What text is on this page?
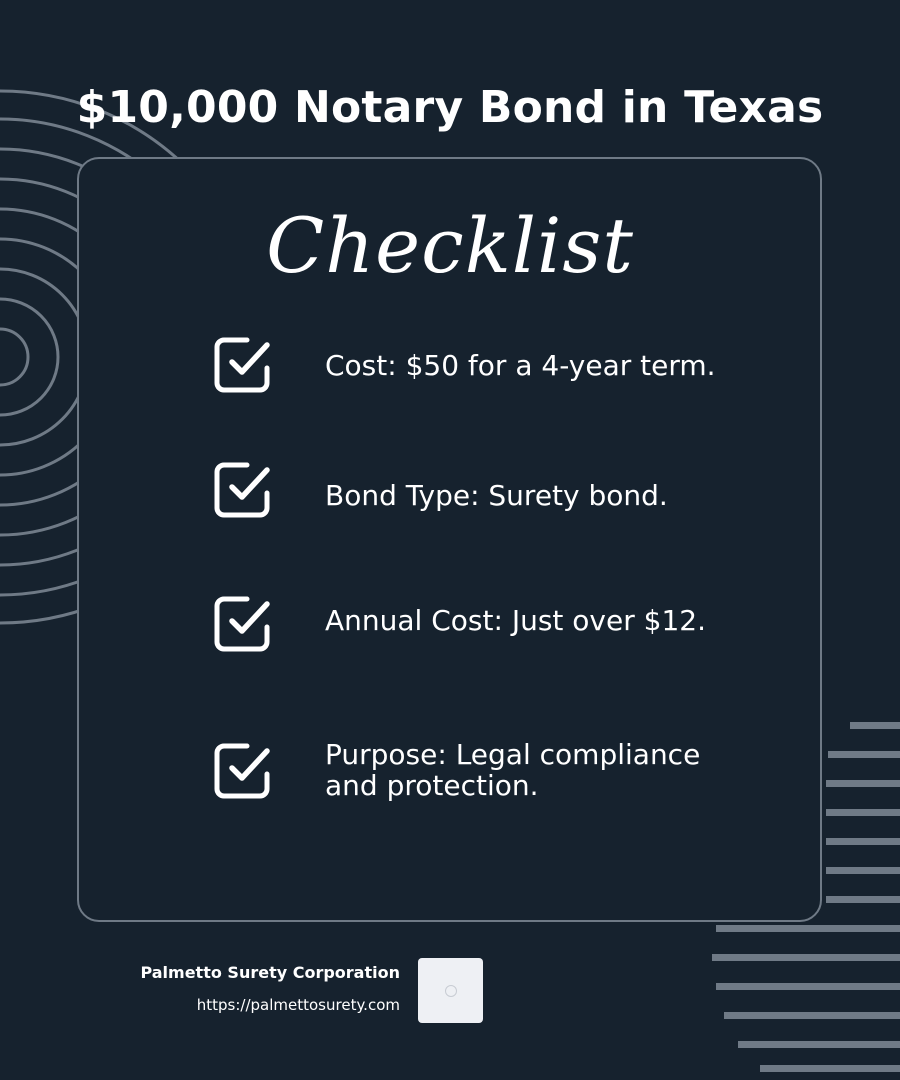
$10,000 Notary Bond in Texas
Checklist
Cost: $50 for a 4-year term.
Bond Type: Surety bond.
Annual Cost: Just over $12.
Purpose: Legal compliance and protection.
Palmetto Surety Corporation
https://palmettosurety.com
